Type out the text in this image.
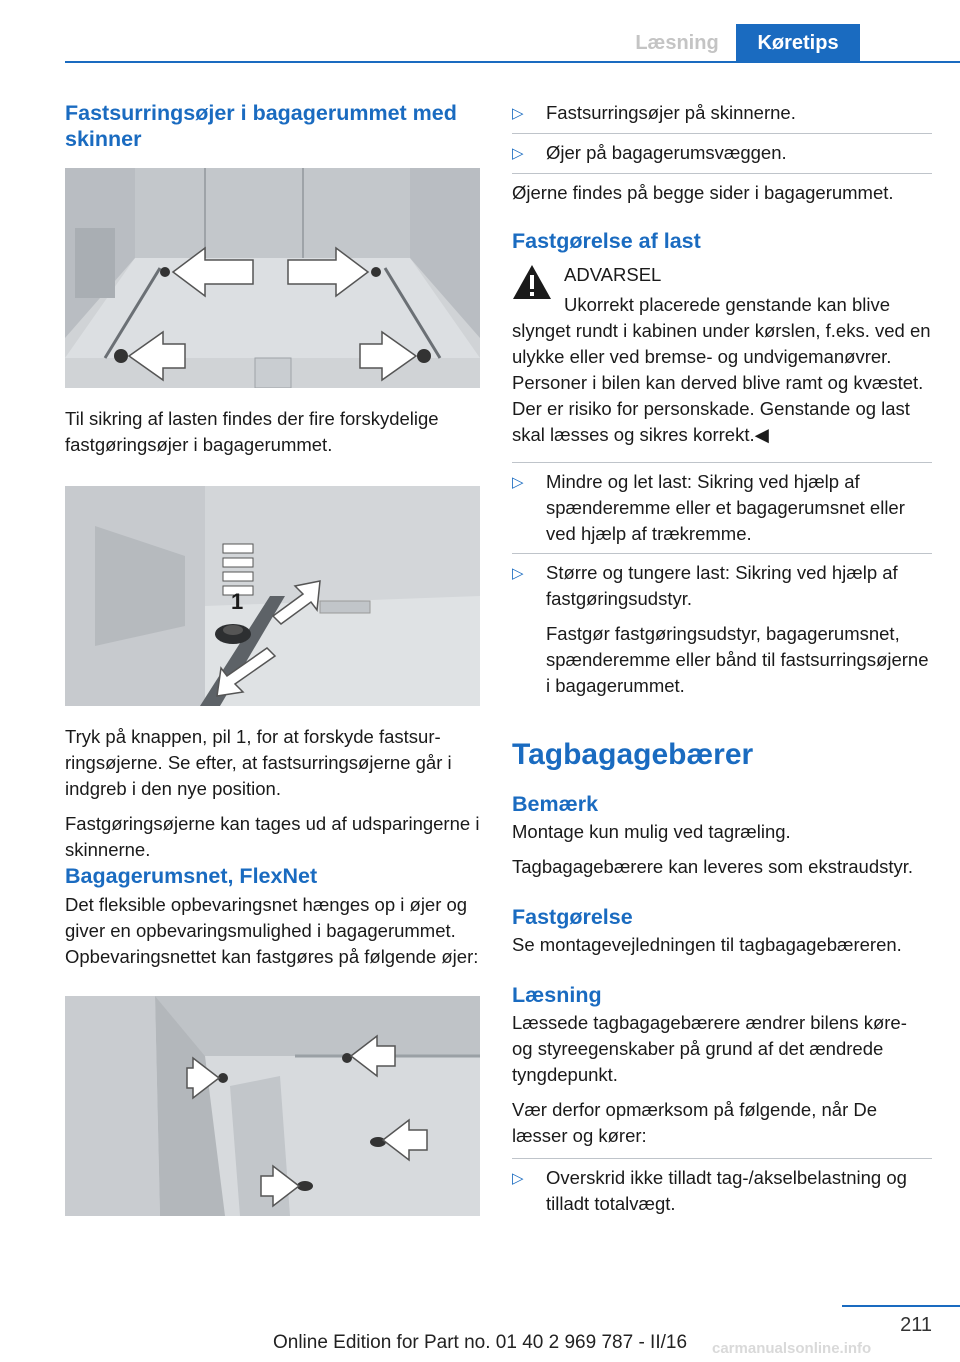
Læsning	Køretips
Fastsurringsøjer i bagagerummet med skinner

Til sikring af lasten findes der fire forskydelige fastgøringsøjer i bagagerummet.

1

Tryk på knappen, pil 1, for at forskyde fastsurringsøjerne. Se efter, at fastsurringsøjerne går i indgreb i den nye position.

Fastgøringsøjerne kan tages ud af udsparingerne i skinnerne.

Bagagerumsnet, FlexNet

Det fleksible opbevaringsnet hænges op i øjer og giver en opbevaringsmulighed i bagagerummet. Opbevaringsnettet kan fastgøres på følgende øjer:

▷	Fastsurringsøjer på skinnerne.
▷	Øjer på bagagerumsvæggen.

Øjerne findes på begge sider i bagagerummet.

Fastgørelse af last

ADVARSEL

Ukorrekt placerede genstande kan blive

slynget rundt i kabinen under kørslen, f.eks. ved en ulykke eller ved bremse- og undvigemanøvrer. Personer i bilen kan derved blive ramt og kvæstet. Der er risiko for personskade. Genstande og last skal læsses og sikres korrekt.◀

▷	Mindre og let last: Sikring ved hjælp af spænderemme eller et bagagerumsnet eller ved hjælp af trækremme.
▷	Større og tungere last: Sikring ved hjælp af fastgøringsudstyr.

Fastgør fastgøringsudstyr, bagagerumsnet, spænderemme eller bånd til fastsurringsøjerne i bagagerummet.

Tagbagagebærer
Bemærk

Montage kun mulig ved tagræling.

Tagbagagebærere kan leveres som ekstraudstyr.

Fastgørelse

Se montagevejledningen til tagbagagebæreren.

Læsning

Læssede tagbagagebærere ændrer bilens køre- og styreegenskaber på grund af det ændrede tyngdepunkt.

Vær derfor opmærksom på følgende, når De læsser og kører:

▷	Overskrid ikke tilladt tag-/akselbelastning og tilladt totalvægt.
211
carmanualsonline.info
Online Edition for Part no. 01 40 2 969 787 - II/16
